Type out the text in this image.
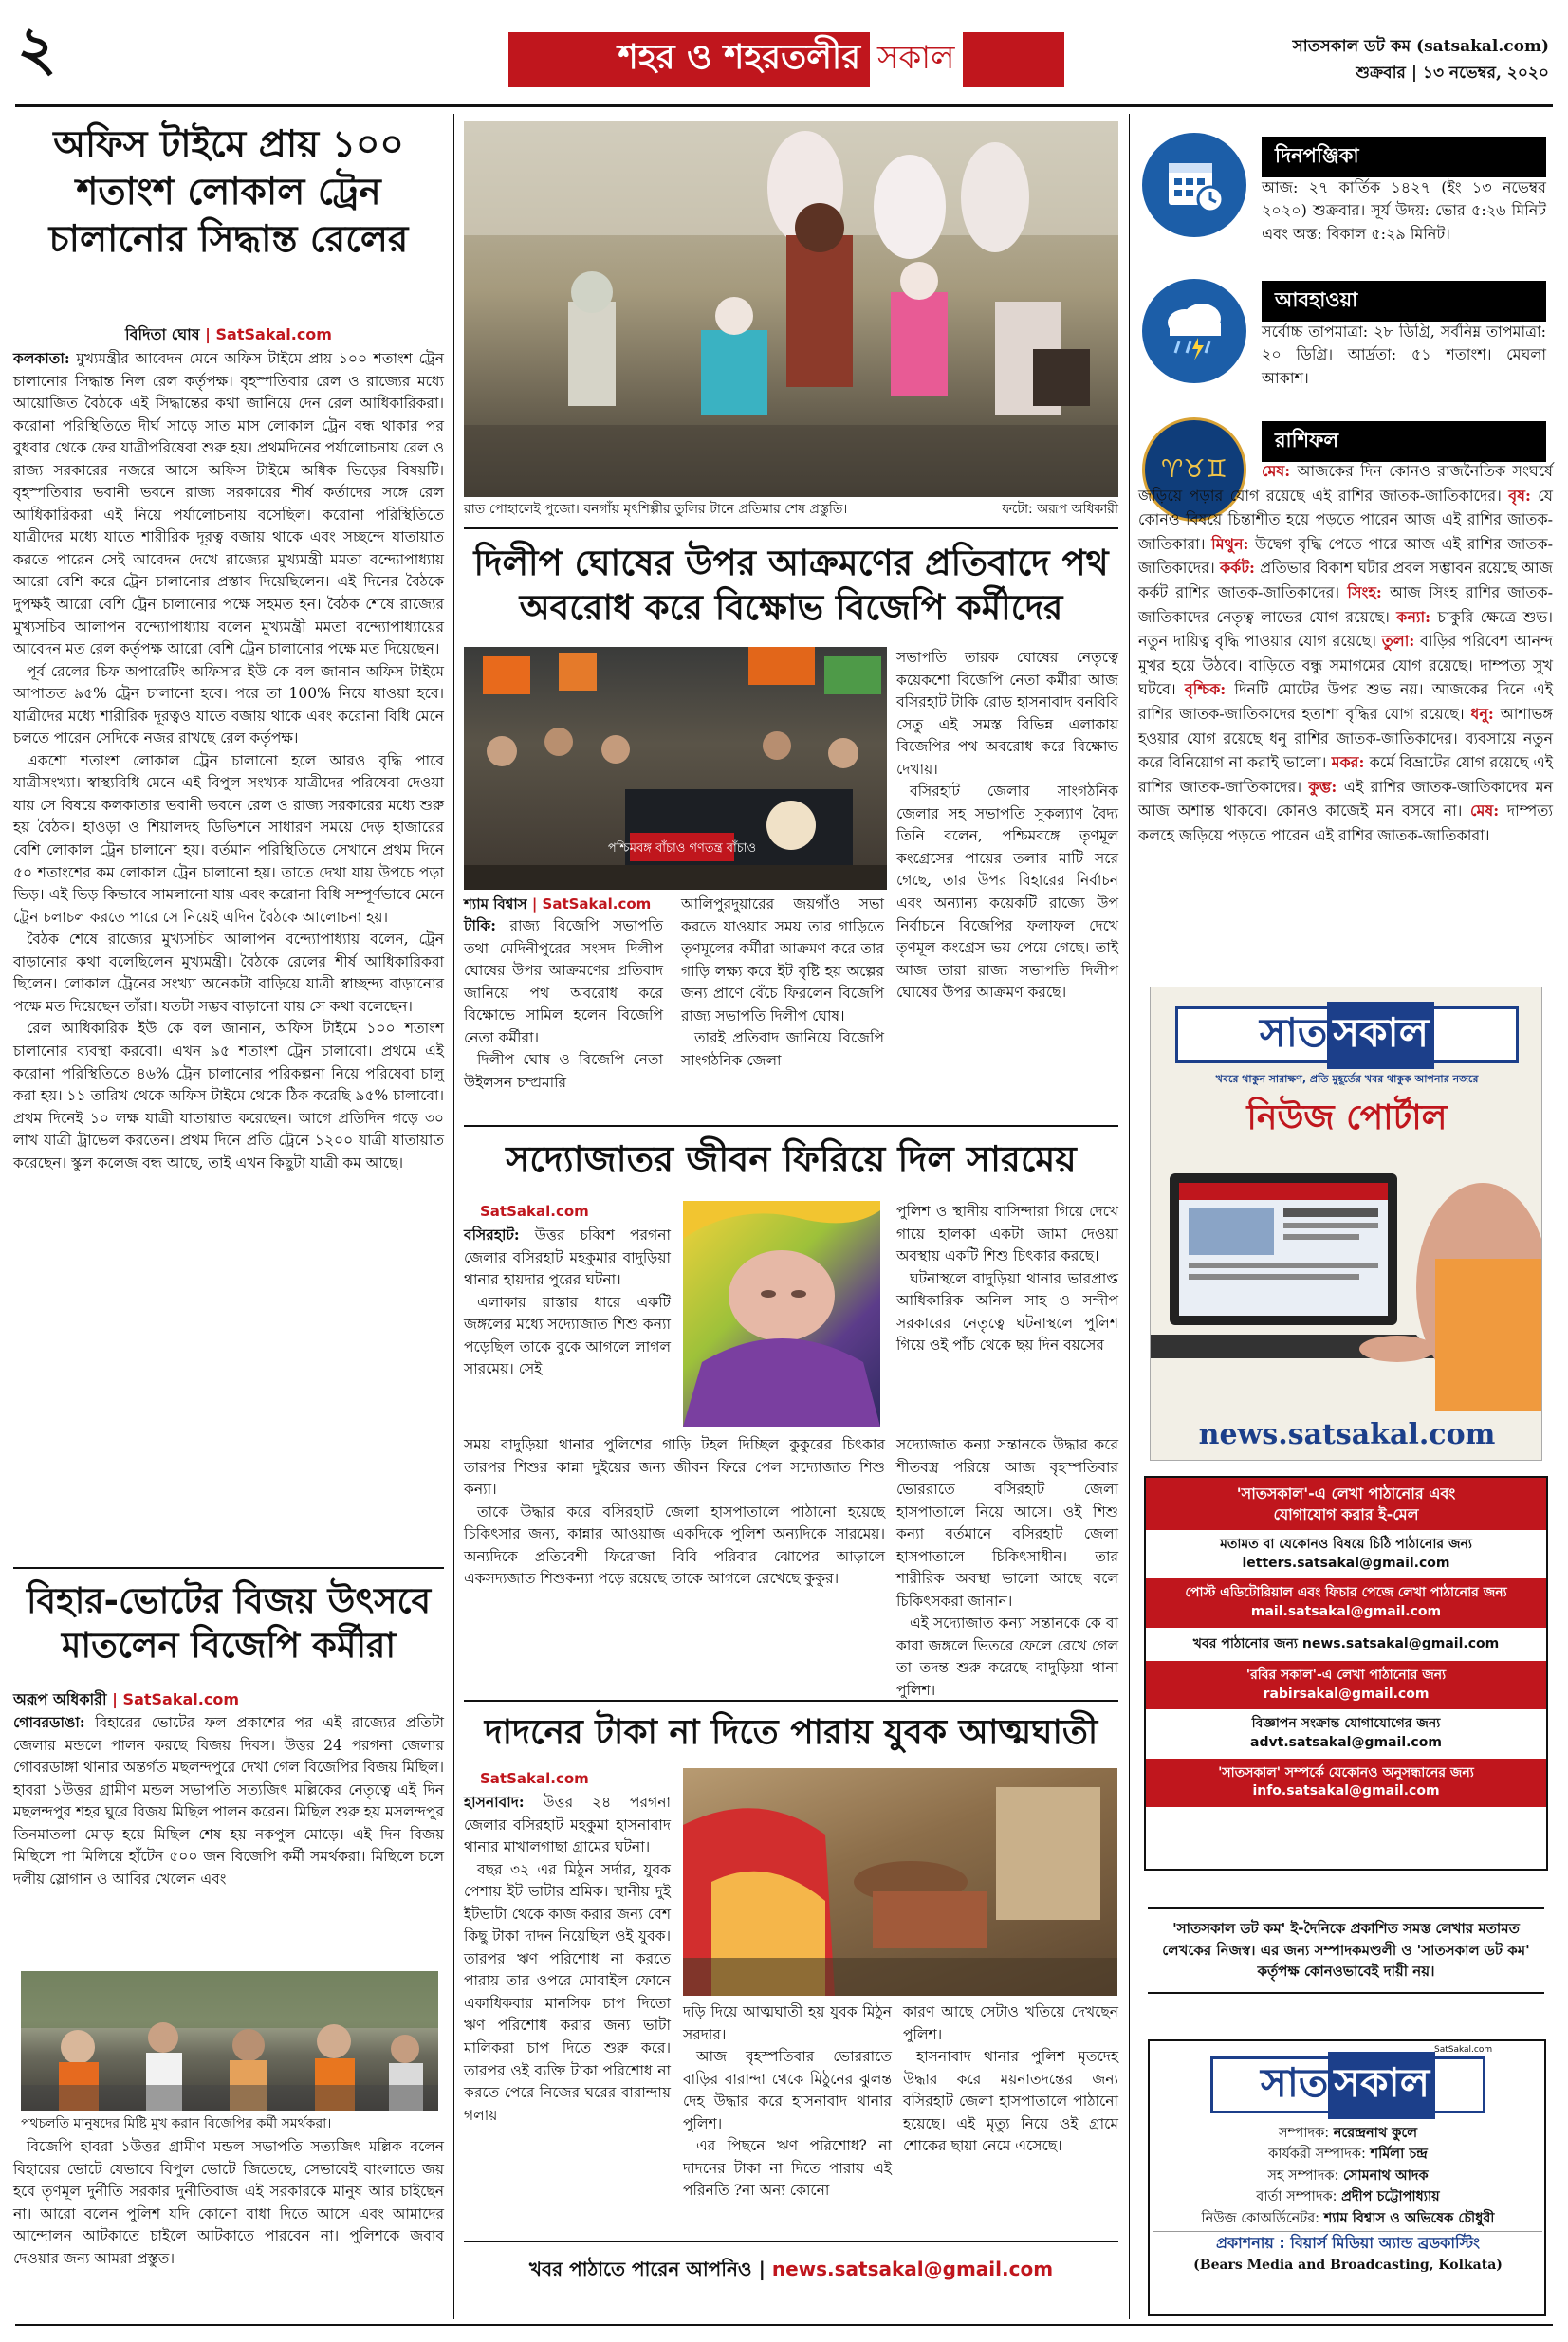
২	শহর ও শহরতলীর সকাল	সাতসকাল ডট কম (satsakal.com)
শুক্রবার | ১৩ নভেম্বর, ২০২০
অফিস টাইমে প্রায় ১০০ শতাংশ লোকাল ট্রেন চালানোর সিদ্ধান্ত রেলের
বিদিতা ঘোষ | SatSakal.com

কলকাতা: মুখ্যমন্ত্রীর আবেদন মেনে অফিস টাইমে প্রায় ১০০ শতাংশ ট্রেন চালানোর সিদ্ধান্ত নিল রেল কর্তৃপক্ষ। বৃহস্পতিবার রেল ও রাজ্যের মধ্যে আয়োজিত বৈঠকে এই সিদ্ধান্তের কথা জানিয়ে দেন রেল আধিকারিকরা। করোনা পরিস্থিতিতে দীর্ঘ সাড়ে সাত মাস লোকাল ট্রেন বন্ধ থাকার পর বুধবার থেকে ফের যাত্রীপরিষেবা শুরু হয়। প্রথমদিনের পর্যালোচনায় রেল ও রাজ্য সরকারের নজরে আসে অফিস টাইমে অধিক ভিড়ের বিষয়টি। বৃহস্পতিবার ভবানী ভবনে রাজ্য সরকারের শীর্ষ কর্তাদের সঙ্গে রেল আধিকারিকরা এই নিয়ে পর্যালোচনায় বসেছিল। করোনা পরিস্থিতিতে যাত্রীদের মধ্যে যাতে শারীরিক দূরত্ব বজায় থাকে এবং সচ্ছন্দে যাতায়াত করতে পারেন সেই আবেদন দেখে রাজ্যের মুখ্যমন্ত্রী মমতা বন্দ্যোপাধ্যায় আরো বেশি করে ট্রেন চালানোর প্রস্তাব দিয়েছিলেন। এই দিনের বৈঠকে দুপক্ষই আরো বেশি ট্রেন চালানোর পক্ষে সহমত হন। বৈঠক শেষে রাজ্যের মুখ্যসচিব আলাপন বন্দ্যোপাধ্যায় বলেন মুখ্যমন্ত্রী মমতা বন্দ্যোপাধ্যায়ের আবেদন মত রেল কর্তৃপক্ষ আরো বেশি ট্রেন চালানোর পক্ষে মত দিয়েছেন।

পূর্ব রেলের চিফ অপারেটিং অফিসার ইউ কে বল জানান অফিস টাইমে আপাতত ৯৫% ট্রেন চালানো হবে। পরে তা 100% নিয়ে যাওয়া হবে। যাত্রীদের মধ্যে শারীরিক দূরত্বও যাতে বজায় থাকে এবং করোনা বিধি মেনে চলতে পারেন সেদিকে নজর রাখছে রেল কর্তৃপক্ষ।

একশো শতাংশ লোকাল ট্রেন চালানো হলে আরও বৃদ্ধি পাবে যাত্রীসংখ্যা। স্বাস্থ্যবিধি মেনে এই বিপুল সংখ্যক যাত্রীদের পরিষেবা দেওয়া যায় সে বিষয়ে কলকাতার ভবানী ভবনে রেল ও রাজ্য সরকারের মধ্যে শুরু হয় বৈঠক। হাওড়া ও শিয়ালদহ ডিভিশনে সাধারণ সময়ে দেড় হাজারের বেশি লোকাল ট্রেন চালানো হয়। বর্তমান পরিস্থিতিতে সেখানে প্রথম দিনে ৫০ শতাংশের কম লোকাল ট্রেন চালানো হয়। তাতে দেখা যায় উপচে পড়া ভিড়। এই ভিড় কিভাবে সামলানো যায় এবং করোনা বিধি সম্পূর্ণভাবে মেনে ট্রেন চলাচল করতে পারে সে নিয়েই এদিন বৈঠকে আলোচনা হয়।

বৈঠক শেষে রাজ্যের মুখ্যসচিব আলাপন বন্দ্যোপাধ্যায় বলেন, ট্রেন বাড়ানোর কথা বলেছিলেন মুখ্যমন্ত্রী। বৈঠকে রেলের শীর্ষ আধিকারিকরা ছিলেন। লোকাল ট্রেনের সংখ্যা অনেকটা বাড়িয়ে যাত্রী স্বাচ্ছন্দ্য বাড়ানোর পক্ষে মত দিয়েছেন তাঁরা। যতটা সম্ভব বাড়ানো যায় সে কথা বলেছেন।

রেল আধিকারিক ইউ কে বল জানান, অফিস টাইমে ১০০ শতাংশ চালানোর ব্যবস্থা করবো। এখন ৯৫ শতাংশ ট্রেন চালাবো। প্রথমে এই করোনা পরিস্থিতিতে ৪৬% ট্রেন চালানোর পরিকল্পনা নিয়ে পরিষেবা চালু করা হয়। ১১ তারিখ থেকে অফিস টাইমে থেকে ঠিক করেছি ৯৫% চালাবো। প্রথম দিনেই ১০ লক্ষ যাত্রী যাতায়াত করেছেন। আগে প্রতিদিন গড়ে ৩০ লাখ যাত্রী ট্রাভেল করতেন। প্রথম দিনে প্রতি ট্রেনে ১২০০ যাত্রী যাতায়াত করেছেন। স্কুল কলেজ বন্ধ আছে, তাই এখন কিছুটা যাত্রী কম আছে।

বিহার-ভোটের বিজয় উৎসবে মাতলেন বিজেপি কর্মীরা
অরূপ অধিকারী | SatSakal.com

গোবরডাঙা: বিহারের ভোটের ফল প্রকাশের পর এই রাজ্যের প্রতিটা জেলার মন্ডলে পালন করছে বিজয় দিবস। উত্তর 24 পরগনা জেলার গোবরডাঙ্গা থানার অন্তর্গত মছলন্দপুরে দেখা গেল বিজেপির বিজয় মিছিল। হাবরা ১উত্তর গ্রামীণ মন্ডল সভাপতি সত্যজিৎ মল্লিকের নেতৃত্বে এই দিন মছলন্দপুর শহর ঘুরে বিজয় মিছিল পালন করেন। মিছিল শুরু হয় মসলন্দপুর তিনমাতলা মোড় হয়ে মিছিল শেষ হয় নকপুল মোড়ে। এই দিন বিজয় মিছিলে পা মিলিয়ে হাঁটেন ৫০০ জন বিজেপি কর্মী সমর্থকরা। মিছিলে চলে দলীয় স্লোগান ও আবির খেলেন এবং

পথচলতি মানুষদের মিষ্টি মুখ করান বিজেপির কর্মী সমর্থকরা।

বিজেপি হাবরা ১উত্তর গ্রামীণ মন্ডল সভাপতি সত্যজিৎ মল্লিক বলেন বিহারের ভোটে যেভাবে বিপুল ভোটে জিতেছে, সেভাবেই বাংলাতে জয় হবে তৃণমূল দুর্নীতি সরকার দুর্নীতিবাজ এই সরকারকে মানুষ আর চাইছেন না। আরো বলেন পুলিশ যদি কোনো বাধা দিতে আসে এবং আমাদের আন্দোলন আটকাতে চাইলে আটকাতে পারবেন না। পুলিশকে জবাব দেওয়ার জন্য আমরা প্রস্তুত।

রাত পোহালেই পুজো। বনগাঁয় মৃৎশিল্পীর তুলির টানে প্রতিমার শেষ প্রস্তুতি।	ফটো: অরূপ অধিকারী
দিলীপ ঘোষের উপর আক্রমণের প্রতিবাদে পথ অবরোধ করে বিক্ষোভ বিজেপি কর্মীদের
পশ্চিমবঙ্গ বাঁচাও গণতন্ত্র বাঁচাও

সভাপতি তারক ঘোষের নেতৃত্বে কয়েকশো বিজেপি নেতা কর্মীরা আজ বসিরহাট টাকি রোড হাসনাবাদ বনবিবি সেতু এই সমস্ত বিভিন্ন এলাকায় বিজেপির পথ অবরোধ করে বিক্ষোভ দেখায়।

বসিরহাট জেলার সাংগঠনিক জেলার সহ সভাপতি সুকল্যাণ বৈদ্য তিনি বলেন, পশ্চিমবঙ্গে তৃণমূল কংগ্রেসের পায়ের তলার মাটি সরে গেছে, তার উপর বিহারের নির্বাচন এবং অন্যান্য কয়েকটি রাজ্যে উপ নির্বাচনে বিজেপির ফলাফল দেখে তৃণমূল কংগ্রেস ভয় পেয়ে গেছে। তাই আজ তারা রাজ্য সভাপতি দিলীপ ঘোষের উপর আক্রমণ করছে।

শ্যাম বিশ্বাস | SatSakal.com

টাকি: রাজ্য বিজেপি সভাপতি তথা মেদিনীপুরের সংসদ দিলীপ ঘোষের উপর আক্রমণের প্রতিবাদ জানিয়ে পথ অবরোধ করে বিক্ষোভে সামিল হলেন বিজেপি নেতা কর্মীরা।

দিলীপ ঘোষ ও বিজেপি নেতা উইলসন চম্প্রমারি

আলিপুরদুয়ারের জয়গাঁও সভা করতে যাওয়ার সময় তার গাড়িতে তৃণমূলের কর্মীরা আক্রমণ করে তার গাড়ি লক্ষ্য করে ইট বৃষ্টি হয় অল্পের জন্য প্রাণে বেঁচে ফিরলেন বিজেপি রাজ্য সভাপতি দিলীপ ঘোষ।

তারই প্রতিবাদ জানিয়ে বিজেপি সাংগঠনিক জেলা

সদ্যোজাতর জীবন ফিরিয়ে দিল সারমেয়
SatSakal.com

বসিরহাট: উত্তর চব্বিশ পরগনা জেলার বসিরহাট মহকুমার বাদুড়িয়া থানার হায়দার পুরের ঘটনা।

এলাকার রাস্তার ধারে একটি জঙ্গলের মধ্যে সদ্যোজাত শিশু কন্যা পড়েছিল তাকে বুকে আগলে লাগল সারমেয়। সেই

পুলিশ ও স্থানীয় বাসিন্দারা গিয়ে দেখে গায়ে হালকা একটা জামা দেওয়া অবস্থায় একটি শিশু চিৎকার করছে।

ঘটনাস্থলে বাদুড়িয়া থানার ভারপ্রাপ্ত আধিকারিক অনিল সাহ ও সন্দীপ সরকারের নেতৃত্বে ঘটনাস্থলে পুলিশ গিয়ে ওই পাঁচ থেকে ছয় দিন বয়সের

সময় বাদুড়িয়া থানার পুলিশের গাড়ি টহল দিচ্ছিল কুকুরের চিৎকার তারপর শিশুর কান্না দুইয়ের জন্য জীবন ফিরে পেল সদ্যোজাত শিশু কন্যা।

তাকে উদ্ধার করে বসিরহাট জেলা হাসপাতালে পাঠানো হয়েছে চিকিৎসার জন্য, কান্নার আওয়াজ একদিকে পুলিশ অন্যদিকে সারমেয়। অন্যদিকে প্রতিবেশী ফিরোজা বিবি পরিবার ঝোপের আড়ালে একসদ্যজাত শিশুকন্যা পড়ে রয়েছে তাকে আগলে রেখেছে কুকুর।

সদ্যোজাত কন্যা সন্তানকে উদ্ধার করে শীতবস্ত্র পরিয়ে আজ বৃহস্পতিবার ভোররাতে বসিরহাট জেলা হাসপাতালে নিয়ে আসে। ওই শিশু কন্যা বর্তমানে বসিরহাট জেলা হাসপাতালে চিকিৎসাধীন। তার শারীরিক অবস্থা ভালো আছে বলে চিকিৎসকরা জানান।

এই সদ্যোজাত কন্যা সন্তানকে কে বা কারা জঙ্গলে ভিতরে ফেলে রেখে গেল তা তদন্ত শুরু করেছে বাদুড়িয়া থানা পুলিশ।

দাদনের টাকা না দিতে পারায় যুবক আত্মঘাতী
SatSakal.com

হাসনাবাদ: উত্তর ২৪ পরগনা জেলার বসিরহাট মহকুমা হাসনাবাদ থানার মাখালগাছা গ্রামের ঘটনা।

বছর ৩২ এর মিঠুন সর্দার, যুবক পেশায় ইট ভাটার শ্রমিক। স্থানীয় দুই ইটভাটা থেকে কাজ করার জন্য বেশ কিছু টাকা দাদন নিয়েছিল ওই যুবক। তারপর ঋণ পরিশোধ না করতে পারায় তার ওপরে মোবাইল ফোনে একাধিকবার মানসিক চাপ দিতো ঋণ পরিশোধ করার জন্য ভাটা মালিকরা চাপ দিতে শুরু করে। তারপর ওই ব্যক্তি টাকা পরিশোধ না করতে পেরে নিজের ঘরের বারান্দায় গলায়

দড়ি দিয়ে আত্মঘাতী হয় যুবক মিঠুন সরদার।

আজ বৃহস্পতিবার ভোররাতে বাড়ির বারান্দা থেকে মিঠুনের ঝুলন্ত দেহ উদ্ধার করে হাসনাবাদ থানার পুলিশ।

এর পিছনে ঋণ পরিশোধ? না দাদনের টাকা না দিতে পারায় এই পরিনতি ?না অন্য কোনো

কারণ আছে সেটাও খতিয়ে দেখছেন পুলিশ।

হাসনাবাদ থানার পুলিশ মৃতদেহ উদ্ধার করে ময়নাতদন্তের জন্য বসিরহাট জেলা হাসপাতালে পাঠানো হয়েছে। এই মৃত্যু নিয়ে ওই গ্রামে শোকের ছায়া নেমে এসেছে।

খবর পাঠাতে পারেন আপনিও | news.satsakal@gmail.com
দিনপঞ্জিকা
আজ: ২৭ কার্তিক ১৪২৭ (ইং ১৩ নভেম্বর ২০২০) শুক্রবার। সূর্য উদয়: ভোর ৫:২৬ মিনিট এবং অস্ত: বিকাল ৫:২৯ মিনিট।
আবহাওয়া
সর্বোচ্চ তাপমাত্রা: ২৮ ডিগ্রি, সর্বনিম্ন তাপমাত্রা: ২০ ডিগ্রি। আর্দ্রতা: ৫১ শতাংশ। মেঘলা আকাশ।
♈♉♊
রাশিফল
মেষ: আজকের দিন কোনও রাজনৈতিক সংঘর্ষে জড়িয়ে পড়ার যোগ রয়েছে এই রাশির জাতক-জাতিকাদের। বৃষ: যে কোনও বিষয়ে চিন্তাশীত হয়ে পড়তে পারেন আজ এই রাশির জাতক-জাতিকারা। মিথুন: উদ্বেগ বৃদ্ধি পেতে পারে আজ এই রাশির জাতক-জাতিকাদের। কর্কট: প্রতিভার বিকাশ ঘটার প্রবল সম্ভাবন রয়েছে আজ কর্কট রাশির জাতক-জাতিকাদের। সিংহ: আজ সিংহ রাশির জাতক-জাতিকাদের নেতৃত্ব লাভের যোগ রয়েছে। কন্যা: চাকুরি ক্ষেত্রে শুভ। নতুন দায়িত্ব বৃদ্ধি পাওয়ার যোগ রয়েছে। তুলা: বাড়ির পরিবেশ আনন্দ মুখর হয়ে উঠবে। বাড়িতে বন্ধু সমাগমের যোগ রয়েছে। দাম্পত্য সুখ ঘটবে। বৃশ্চিক: দিনটি মোটের উপর শুভ নয়। আজকের দিনে এই রাশির জাতক-জাতিকাদের হতাশা বৃদ্ধির যোগ রয়েছে। ধনু: আশাভঙ্গ হওয়ার যোগ রয়েছে ধনু রাশির জাতক-জাতিকাদের। ব্যবসায়ে নতুন করে বিনিয়োগ না করাই ভালো। মকর: কর্মে বিভ্রাটের যোগ রয়েছে এই রাশির জাতক-জাতিকাদের। কুম্ভ: এই রাশির জাতক-জাতিকাদের মন আজ অশান্ত থাকবে। কোনও কাজেই মন বসবে না। মেষ: দাম্পত্য কলহে জড়িয়ে পড়তে পারেন এই রাশির জাতক-জাতিকারা।
সাত সকাল
খবরে থাকুন সারাক্ষণ, প্রতি মুহূর্তের খবর থাকুক আপনার নজরে
নিউজ পোর্টাল
news.satsakal.com
'সাতসকাল'-এ লেখা পাঠানোর এবং
যোগাযোগ করার ই-মেল
মতামত বা যেকোনও বিষয়ে চিঠি পাঠানোর জন্য
letters.satsakal@gmail.com
পোস্ট এডিটোরিয়াল এবং ফিচার পেজে লেখা পাঠানোর জন্য
mail.satsakal@gmail.com
খবর পাঠানোর জন্য news.satsakal@gmail.com
'রবির সকাল'-এ লেখা পাঠানোর জন্য
rabirsakal@gmail.com
বিজ্ঞাপন সংক্রান্ত যোগাযোগের জন্য
advt.satsakal@gmail.com
'সাতসকাল' সম্পর্কে যেকোনও অনুসন্ধানের জন্য
info.satsakal@gmail.com
'সাতসকাল ডট কম' ই-দৈনিকে প্রকাশিত সমস্ত লেখার মতামত লেখকের নিজস্ব। এর জন্য সম্পাদকমণ্ডলী ও 'সাতসকাল ডট কম' কর্তৃপক্ষ কোনওভাবেই দায়ী নয়।
সাত সকাল
SatSakal.com
সম্পাদক: নরেন্দ্রনাথ কুলে
কার্যকরী সম্পাদক: শর্মিলা চন্দ্র
সহ সম্পাদক: সোমনাথ আদক
বার্তা সম্পাদক: প্রদীপ চট্টোপাধ্যায়
নিউজ কোঅর্ডিনেটর: শ্যাম বিশ্বাস ও অভিষেক চৌধুরী
প্রকাশনায় : বিয়ার্স মিডিয়া অ্যান্ড ব্রডকাস্টিং
(Bears Media and Broadcasting, Kolkata)
